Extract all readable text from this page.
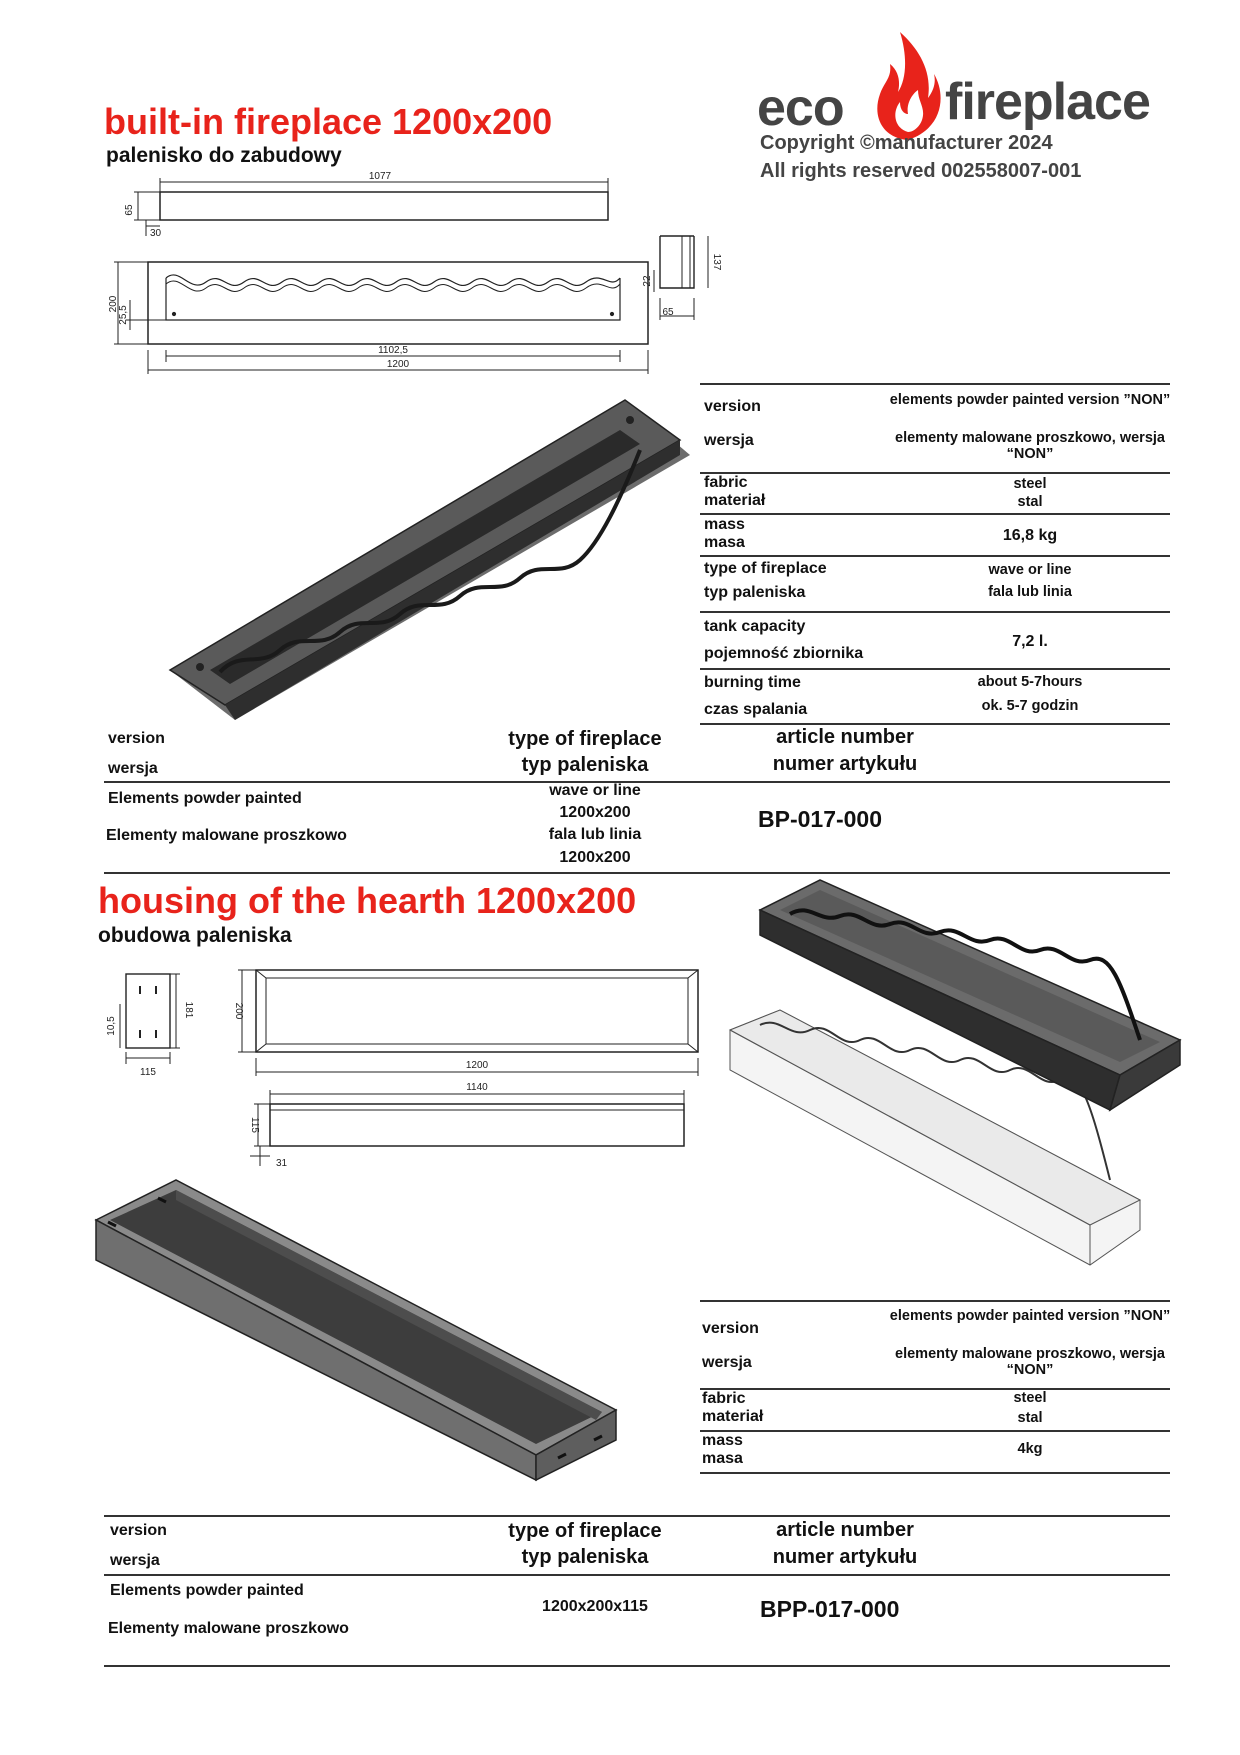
eco fireplace
Copyright ©manufacturer 2024
All rights reserved 002558007-001
built-in fireplace 1200x200
palenisko do zabudowy
1077
65
30
200
25,5
1102,5
1200
137
22
65
version
wersja
elements powder painted version ”NON”
elementy malowane proszkowo, wersja “NON”
fabric
materiał
steel
stal
mass
masa	16,8 kg
type of fireplace
typ paleniska
wave or line
fala lub linia
tank capacity
pojemność zbiornika
7,2 l.
burning time
czas spalania
about 5-7hours
ok. 5-7 godzin
version
wersja
type of fireplace
typ paleniska
article number
numer artykułu
Elements powder painted
Elementy malowane proszkowo
wave or line
1200x200
fala lub linia
1200x200
BP-017-000
housing of the hearth 1200x200
obudowa paleniska
115
181
10,5
200
1200
1140
115
31
version
wersja
elements powder painted version ”NON”
elementy malowane proszkowo, wersja “NON”
fabric
materiał
steel
stal
mass
masa
4kg
version
wersja
type of fireplace
typ paleniska
article number
numer artykułu
Elements powder painted
Elementy malowane proszkowo
1200x200x115	BPP-017-000
